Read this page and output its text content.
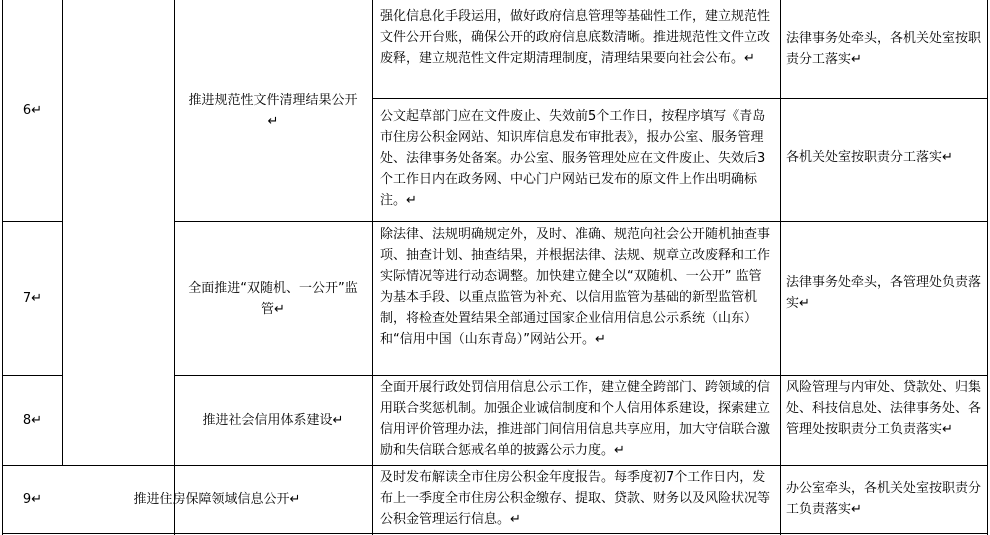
6↵
推进规范性文件清理结果公开↵
强化信息化手段运用，做好政府信息管理等基础性工作，建立规范性文件公开台账，确保公开的政府信息底数清晰。推进规范性文件立改废释，建立规范性文件定期清理制度，清理结果要向社会公布。↵
法律事务处牵头，各机关处室按职责分工落实↵
公文起草部门应在文件废止、失效前5个工作日，按程序填写《青岛市住房公积金网站、知识库信息发布审批表》，报办公室、服务管理处、法律事务处备案。办公室、服务管理处应在文件废止、失效后3个工作日内在政务网、中心门户网站已发布的原文件上作出明确标注。↵
各机关处室按职责分工落实↵
7↵
全面推进“双随机、一公开”监管↵
除法律、法规明确规定外，及时、准确、规范向社会公开随机抽查事项、抽查计划、抽查结果，并根据法律、法规、规章立改废释和工作实际情况等进行动态调整。加快建立健全以“双随机、一公开” 监管为基本手段、以重点监管为补充、以信用监管为基础的新型监管机制，将检查处置结果全部通过国家企业信用信息公示系统（山东）和“信用中国（山东青岛）”网站公开。↵
法律事务处牵头，各管理处负责落实↵
8↵	推进社会信用体系建设↵
全面开展行政处罚信用信息公示工作，建立健全跨部门、跨领域的信用联合奖惩机制。加强企业诚信制度和个人信用体系建设，探索建立信用评价管理办法，推进部门间信用信息共享应用，加大守信联合激励和失信联合惩戒名单的披露公示力度。↵
风险管理与内审处、贷款处、归集处、科技信息处、法律事务处、各管理处按职责分工负责落实↵
9↵	推进住房保障领域信息公开↵
及时发布解读全市住房公积金年度报告。每季度初7个工作日内，发布上一季度全市住房公积金缴存、提取、贷款、财务以及风险状况等公积金管理运行信息。↵
办公室牵头，各机关处室按职责分工负责落实↵
